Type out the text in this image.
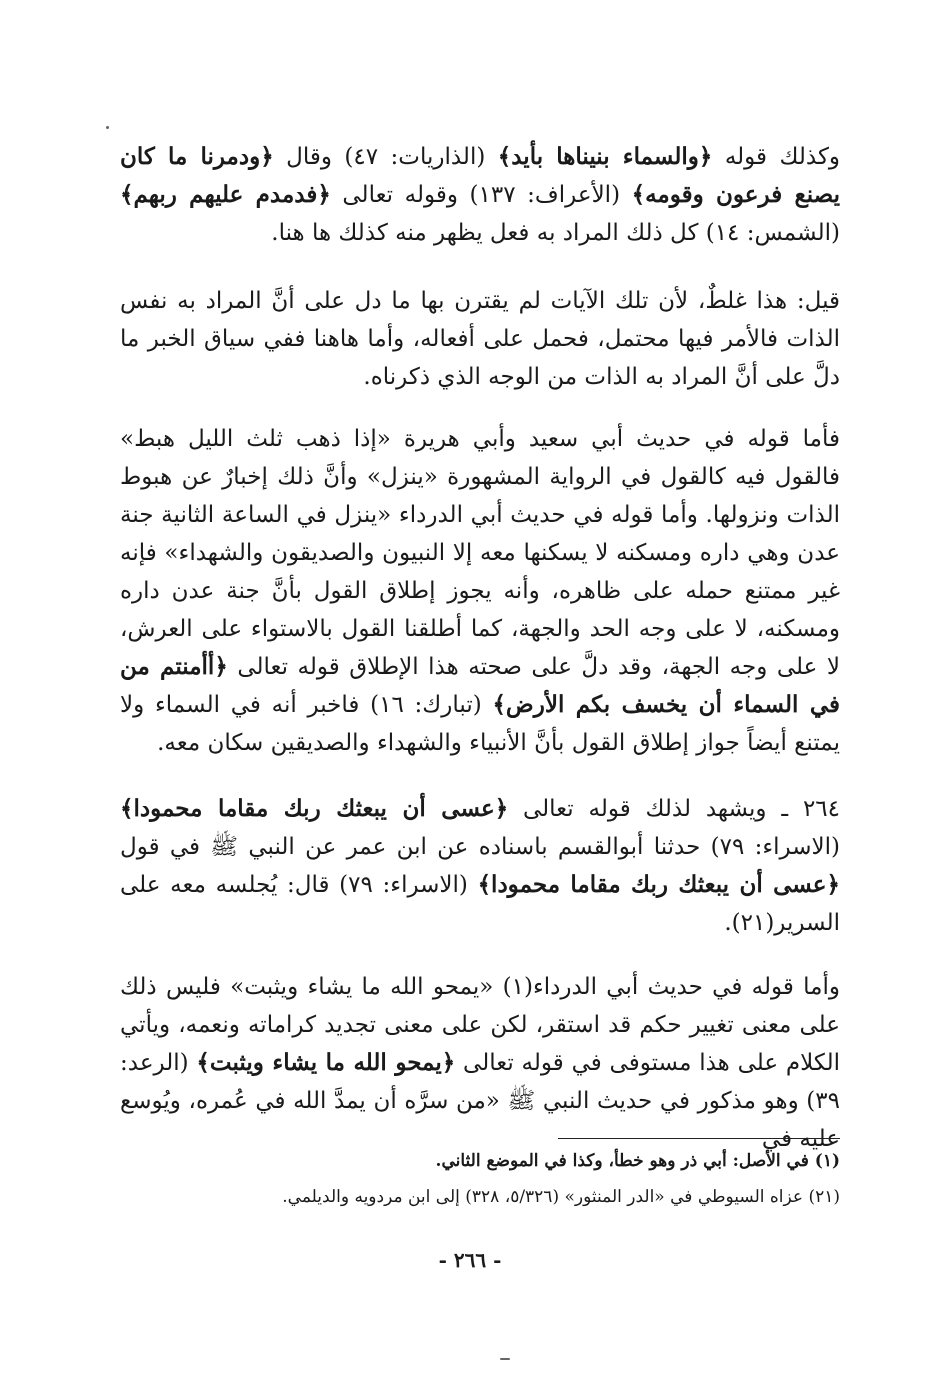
وكذلك قوله ﴿والسماء بنيناها بأيد﴾ (الذاريات: ٤٧) وقال ﴿ودمرنا ما كان يصنع فرعون وقومه﴾ (الأعراف: ١٣٧) وقوله تعالى ﴿فدمدم عليهم ربهم﴾ (الشمس: ١٤) كل ذلك المراد به فعل يظهر منه كذلك ها هنا.

قيل: هذا غلطٌ، لأن تلك الآيات لم يقترن بها ما دل على أنَّ المراد به نفس الذات فالأمر فيها محتمل، فحمل على أفعاله، وأما هاهنا ففي سياق الخبر ما دلَّ على أنَّ المراد به الذات من الوجه الذي ذكرناه.

فأما قوله في حديث أبي سعيد وأبي هريرة «إذا ذهب ثلث الليل هبط» فالقول فيه كالقول في الرواية المشهورة «ينزل» وأنَّ ذلك إخبارٌ عن هبوط الذات ونزولها. وأما قوله في حديث أبي الدرداء «ينزل في الساعة الثانية جنة عدن وهي داره ومسكنه لا يسكنها معه إلا النبيون والصديقون والشهداء» فإنه غير ممتنع حمله على ظاهره، وأنه يجوز إطلاق القول بأنَّ جنة عدن داره ومسكنه، لا على وجه الحد والجهة، كما أطلقنا القول بالاستواء على العرش، لا على وجه الجهة، وقد دلَّ على صحته هذا الإطلاق قوله تعالى ﴿أأمنتم من في السماء أن يخسف بكم الأرض﴾ (تبارك: ١٦) فاخبر أنه في السماء ولا يمتنع أيضاً جواز إطلاق القول بأنَّ الأنبياء والشهداء والصديقين سكان معه.

٢٦٤ ـ ويشهد لذلك قوله تعالى ﴿عسى أن يبعثك ربك مقاما محمودا﴾ (الاسراء: ٧٩) حدثنا أبوالقسم باسناده عن ابن عمر عن النبي ﷺ في قول ﴿عسى أن يبعثك ربك مقاما محمودا﴾ (الاسراء: ٧٩) قال: يُجلسه معه على السرير(٢١).

وأما قوله في حديث أبي الدرداء(١) «يمحو الله ما يشاء ويثبت» فليس ذلك على معنى تغيير حكم قد استقر، لكن على معنى تجديد كراماته ونعمه، ويأتي الكلام على هذا مستوفى في قوله تعالى ﴿يمحو الله ما يشاء ويثبت﴾ (الرعد: ٣٩) وهو مذكور في حديث النبي ﷺ «من سرَّه أن يمدَّ الله في عُمره، ويُوسع عليه في

(١) في الأصل: أبي ذر وهو خطأ، وكذا في الموضع الثاني.

(٢١) عزاه السيوطي في «الدر المنثور» (٥/٣٢٦، ٣٢٨) إلى ابن مردويه والديلمي.

- ٢٦٦ -
